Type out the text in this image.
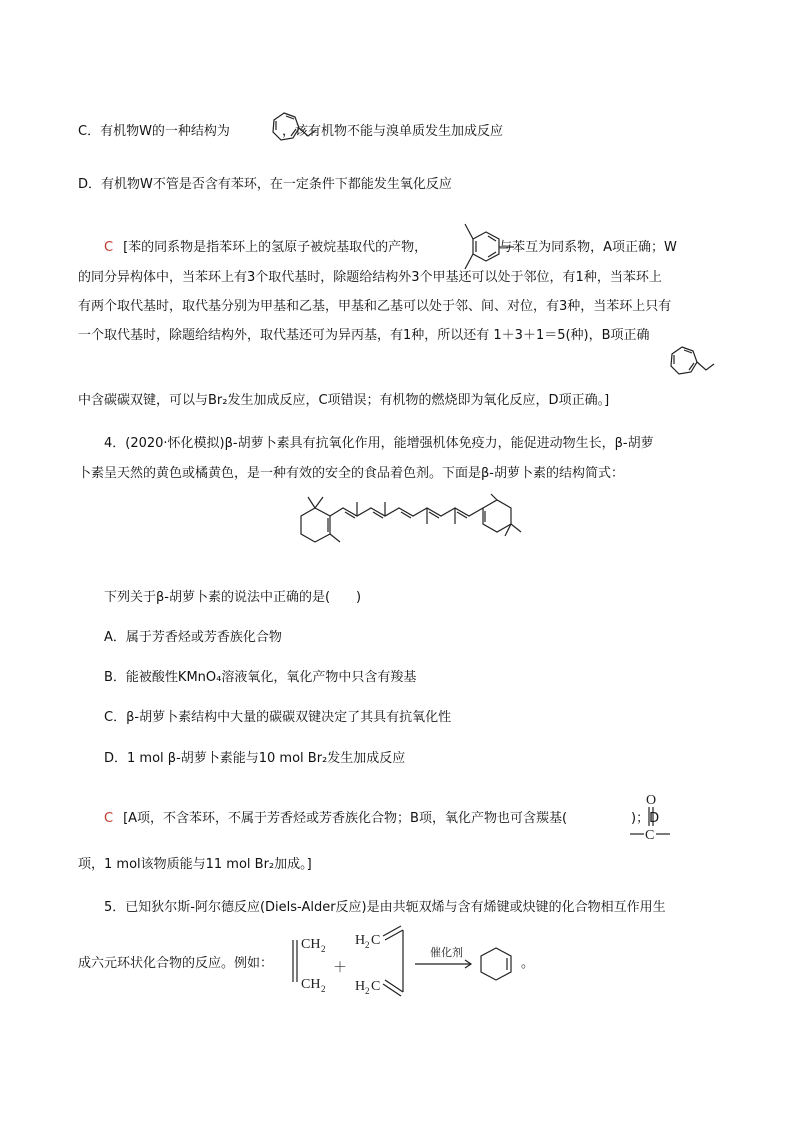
C．有机物W的一种结构为	，该有机物不能与溴单质发生加成反应
D．有机物W不管是否含有苯环，在一定条件下都能发生氧化反应
C [苯的同系物是指苯环上的氢原子被烷基取代的产物，	与苯互为同系物，A项正确；W
的同分异构体中，当苯环上有3个取代基时，除题给结构外3个甲基还可以处于邻位，有1种，当苯环上
有两个取代基时，取代基分别为甲基和乙基，甲基和乙基可以处于邻、间、对位，有3种，当苯环上只有
一个取代基时，除题给结构外，取代基还可为异丙基，有1种，所以还有 1＋3＋1＝5(种)，B项正确
中含碳碳双键，可以与Br₂发生加成反应，C项错误；有机物的燃烧即为氧化反应，D项正确。]
4．(2020·怀化模拟)β-胡萝卜素具有抗氧化作用，能增强机体免疫力，能促进动物生长，β-胡萝
卜素呈天然的黄色或橘黄色，是一种有效的安全的食品着色剂。下面是β-胡萝卜素的结构简式：
下列关于β-胡萝卜素的说法中正确的是(　　)
A．属于芳香烃或芳香族化合物
B．能被酸性KMnO₄溶液氧化，氧化产物中只含有羧基
C．β-胡萝卜素结构中大量的碳碳双键决定了其具有抗氧化性
D．1 mol β-胡萝卜素能与10 mol Br₂发生加成反应
C [A项，不含苯环，不属于芳香烃或芳香族化合物；B项，氧化产物也可含羰基(	)；D
O
C
项，1 mol该物质能与11 mol Br₂加成。]
5．已知狄尔斯-阿尔德反应(Diels-Alder反应)是由共轭双烯与含有烯键或炔键的化合物相互作用生
成六元环状化合物的反应。例如：	。
CH 2
CH 2
＋
H 2 C
H 2 C
催化剂
